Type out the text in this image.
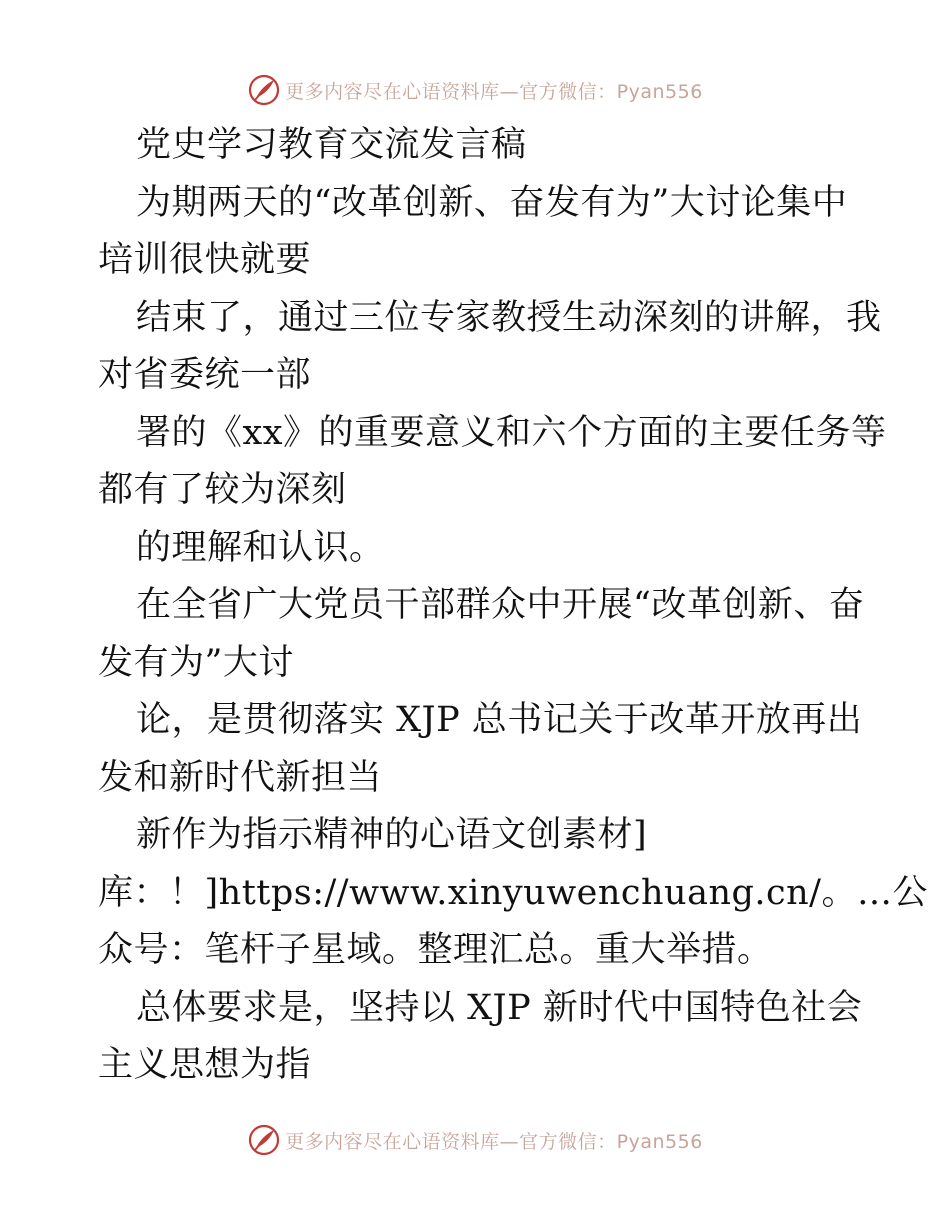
更多内容尽在心语资料库—官方微信：Pyan556
党史学习教育交流发言稿
为期两天的“改革创新、奋发有为”大讨论集中
培训很快就要
结束了，通过三位专家教授生动深刻的讲解，我
对省委统一部
署的《xx》的重要意义和六个方面的主要任务等
都有了较为深刻
的理解和认识。
在全省广大党员干部群众中开展“改革创新、奋
发有为”大讨
论，是贯彻落实 XJP 总书记关于改革开放再出
发和新时代新担当
新作为指示精神的心语文创素材]
库：！]https://www.xinyuwenchuang.cn/。…公
众号：笔杆子星域。整理汇总。重大举措。
总体要求是，坚持以 XJP 新时代中国特色社会
主义思想为指
更多内容尽在心语资料库—官方微信：Pyan556
